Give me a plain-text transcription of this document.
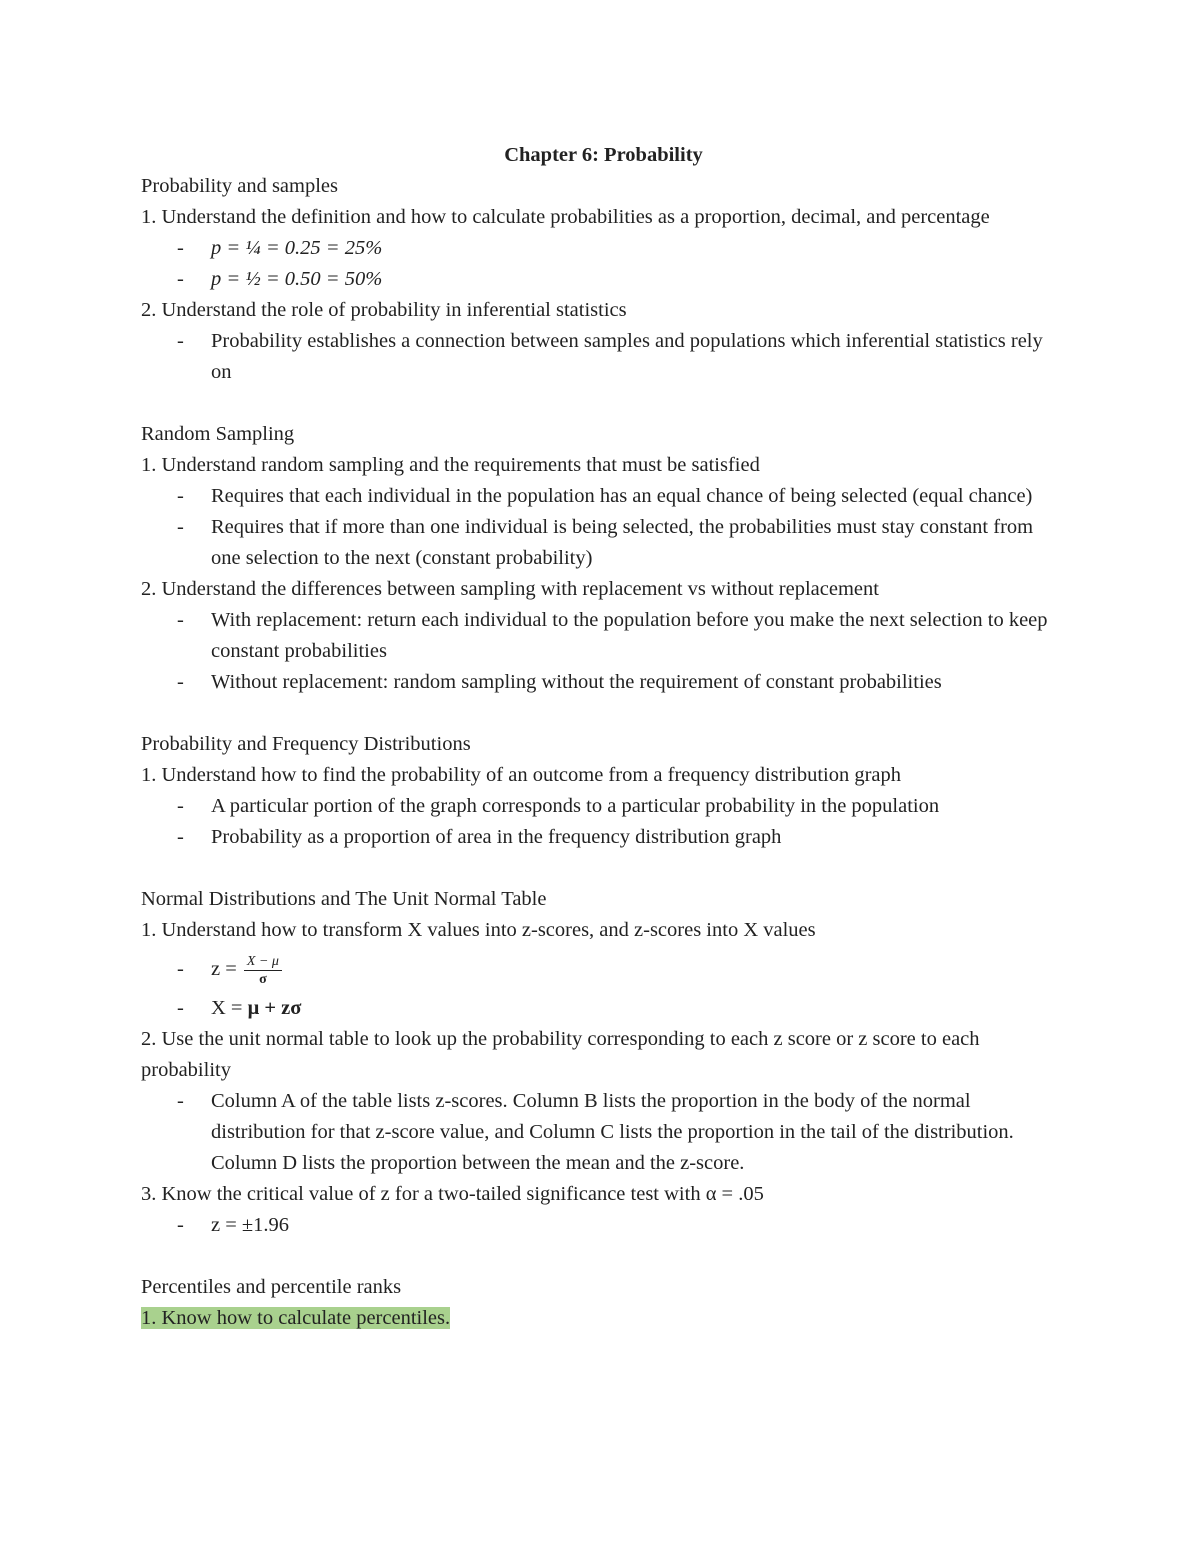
Chapter 6: Probability

Probability and samples

1. Understand the definition and how to calculate probabilities as a proportion, decimal, and percentage

- p = ¼ = 0.25 = 25%

- p = ½ = 0.50 = 50%

2. Understand the role of probability in inferential statistics

- Probability establishes a connection between samples and populations which inferential statistics rely on

Random Sampling

1. Understand random sampling and the requirements that must be satisfied

- Requires that each individual in the population has an equal chance of being selected (equal chance)

- Requires that if more than one individual is being selected, the probabilities must stay constant from one selection to the next (constant probability)

2. Understand the differences between sampling with replacement vs without replacement

- With replacement: return each individual to the population before you make the next selection to keep constant probabilities

- Without replacement: random sampling without the requirement of constant probabilities

Probability and Frequency Distributions

1. Understand how to find the probability of an outcome from a frequency distribution graph

- A particular portion of the graph corresponds to a particular probability in the population

- Probability as a proportion of area in the frequency distribution graph

Normal Distributions and The Unit Normal Table

1. Understand how to transform X values into z-scores, and z-scores into X values

- $z = \frac{X - \mu}{\sigma}$

- X = μ + zσ

2. Use the unit normal table to look up the probability corresponding to each z score or z score to each probability

- Column A of the table lists z-scores. Column B lists the proportion in the body of the normal distribution for that z-score value, and Column C lists the proportion in the tail of the distribution. Column D lists the proportion between the mean and the z-score.

3. Know the critical value of z for a two-tailed significance test with α = .05

- z = ±1.96

Percentiles and percentile ranks

1. Know how to calculate percentiles.
